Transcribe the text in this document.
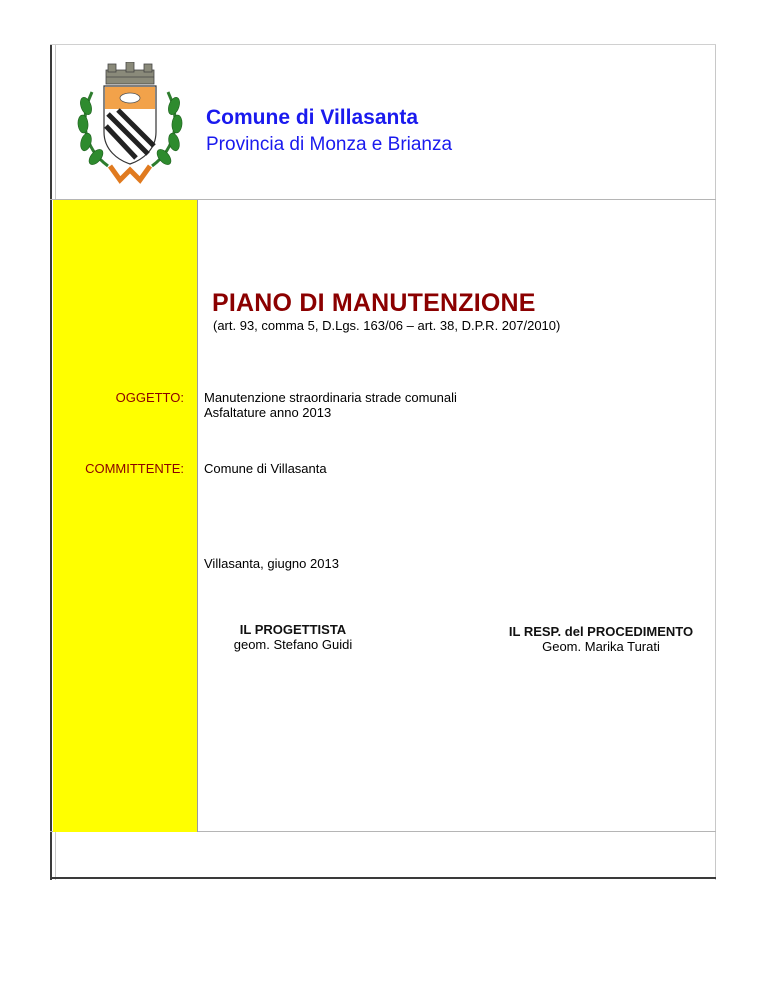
Comune di Villasanta
Provincia di Monza e Brianza
PIANO DI MANUTENZIONE
(art. 93, comma 5, D.Lgs. 163/06 – art. 38, D.P.R. 207/2010)
OGGETTO: Manutenzione straordinaria strade comunali
Asfaltature anno 2013
COMMITTENTE: Comune di Villasanta
Villasanta, giugno 2013
IL PROGETTISTA
geom. Stefano Guidi
IL RESP. del PROCEDIMENTO
Geom. Marika Turati
